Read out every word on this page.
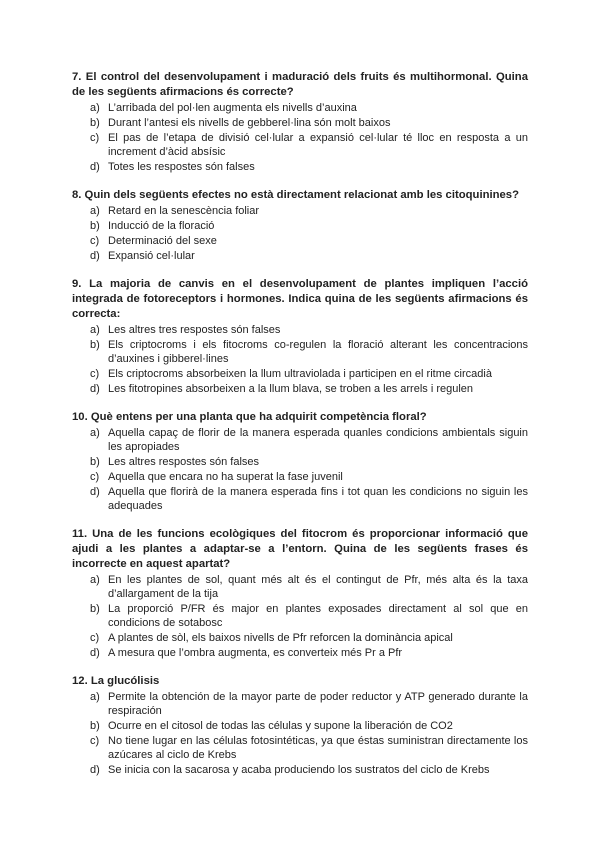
7. El control del desenvolupament i maduració dels fruits és multihormonal. Quina de les següents afirmacions és correcte?
a) L’arribada del pol·len augmenta els nivells d’auxina
b) Durant l’antesi els nivells de gebberel·lina són molt baixos
c) El pas de l’etapa de divisió cel·lular a expansió cel·lular té lloc en resposta a un increment d’àcid absísic
d) Totes les respostes són falses
8. Quin dels següents efectes no està directament relacionat amb les citoquinines?
a) Retard en la senescència foliar
b) Inducció de la floració
c) Determinació del sexe
d) Expansió cel·lular
9. La majoria de canvis en el desenvolupament de plantes impliquen l’acció integrada de fotoreceptors i hormones. Indica quina de les següents afirmacions és correcta:
a) Les altres tres respostes són falses
b) Els criptocroms i els fitocroms co-regulen la floració alterant les concentracions d’auxines i gibberel·lines
c) Els criptocroms absorbeixen la llum ultraviolada i participen en el ritme circadià
d) Les fitotropines absorbeixen a la llum blava, se troben a les arrels i regulen
10. Què entens per una planta que ha adquirit competència floral?
a) Aquella capaç de florir de la manera esperada quanles condicions ambientals siguin les apropiades
b) Les altres respostes són falses
c) Aquella que encara no ha superat la fase juvenil
d) Aquella que florirà de la manera esperada fins i tot quan les condicions no siguin les adequades
11. Una de les funcions ecològiques del fitocrom és proporcionar informació que ajudi a les plantes a adaptar-se a l’entorn. Quina de les següents frases és incorrecte en aquest apartat?
a) En les plantes de sol, quant més alt és el contingut de Pfr, més alta és la taxa d’allargament de la tija
b) La proporció P/FR és major en plantes exposades directament al sol que en condicions de sotabosc
c) A plantes de sòl, els baixos nivells de Pfr reforcen la dominància apical
d) A mesura que l’ombra augmenta, es converteix més Pr a Pfr
12. La glucólisis
a) Permite la obtención de la mayor parte de poder reductor y ATP generado durante la respiración
b) Ocurre en el citosol de todas las células y supone la liberación de CO2
c) No tiene lugar en las células fotosintéticas, ya que éstas suministran directamente los azúcares al ciclo de Krebs
d) Se inicia con la sacarosa y acaba produciendo los sustratos del ciclo de Krebs
